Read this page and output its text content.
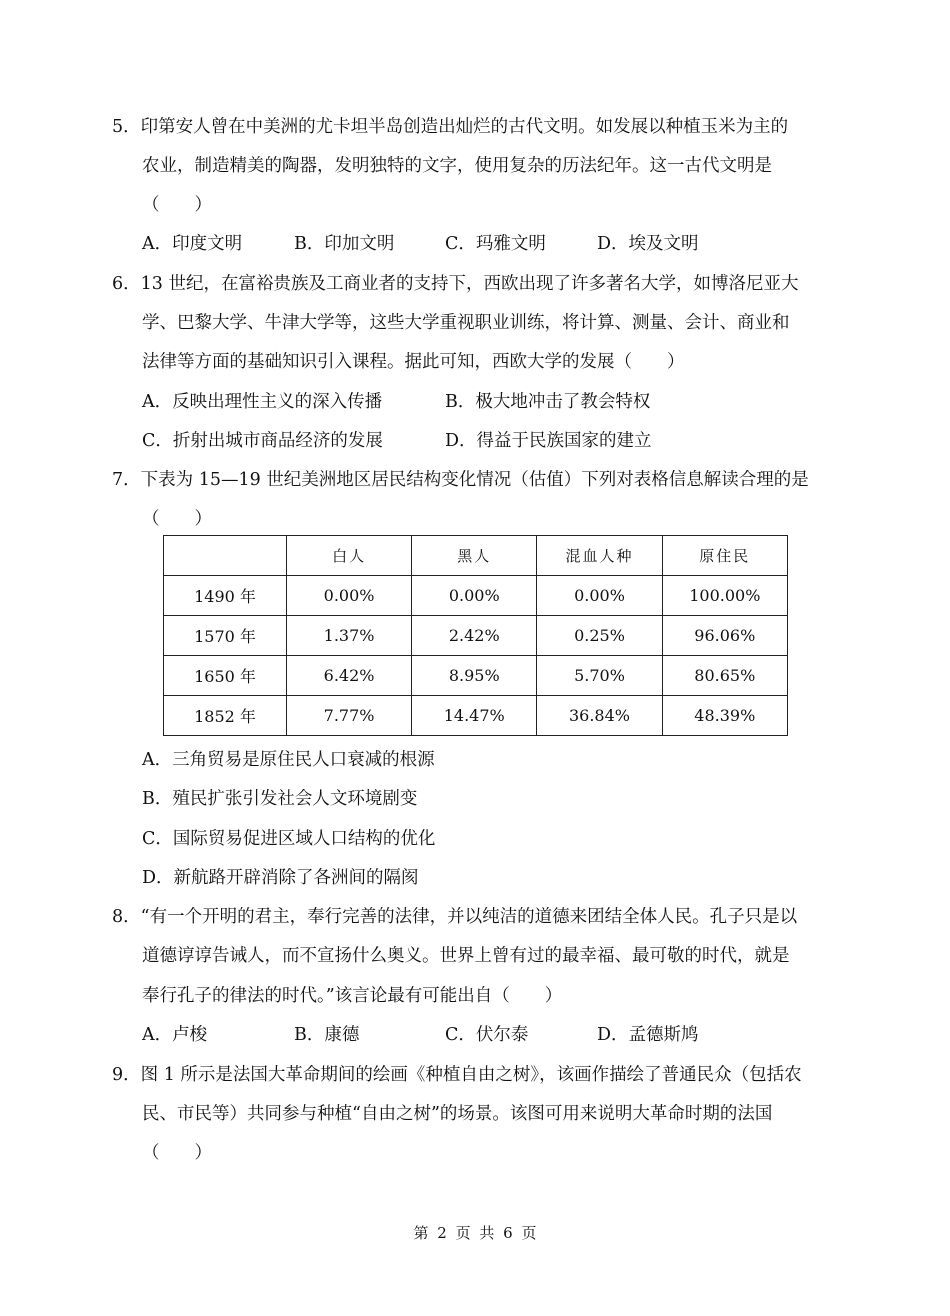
5．印第安人曾在中美洲的尤卡坦半岛创造出灿烂的古代文明。如发展以种植玉米为主的
农业，制造精美的陶器，发明独特的文字，使用复杂的历法纪年。这一古代文明是
（　　）
A．印度文明	B．印加文明	C．玛雅文明	D．埃及文明
6．13 世纪，在富裕贵族及工商业者的支持下，西欧出现了许多著名大学，如博洛尼亚大
学、巴黎大学、牛津大学等，这些大学重视职业训练，将计算、测量、会计、商业和
法律等方面的基础知识引入课程。据此可知，西欧大学的发展（　　）
A．反映出理性主义的深入传播	B．极大地冲击了教会特权
C．折射出城市商品经济的发展	D．得益于民族国家的建立
7．下表为 15—19 世纪美洲地区居民结构变化情况（估值）下列对表格信息解读合理的是
（　　）
	白人	黑人	混血人种	原住民
1490 年	0.00%	0.00%	0.00%	100.00%
1570 年	1.37%	2.42%	0.25%	96.06%
1650 年	6.42%	8.95%	5.70%	80.65%
1852 年	7.77%	14.47%	36.84%	48.39%
A．三角贸易是原住民人口衰减的根源
B．殖民扩张引发社会人文环境剧变
C．国际贸易促进区域人口结构的优化
D．新航路开辟消除了各洲间的隔阂
8．“有一个开明的君主，奉行完善的法律，并以纯洁的道德来团结全体人民。孔子只是以
道德谆谆告诫人，而不宣扬什么奥义。世界上曾有过的最幸福、最可敬的时代，就是
奉行孔子的律法的时代。”该言论最有可能出自（　　）
A．卢梭	B．康德	C．伏尔泰	D．孟德斯鸠
9．图 1 所示是法国大革命期间的绘画《种植自由之树》，该画作描绘了普通民众（包括农
民、市民等）共同参与种植“自由之树”的场景。该图可用来说明大革命时期的法国
（　　）
第 2 页 共 6 页
